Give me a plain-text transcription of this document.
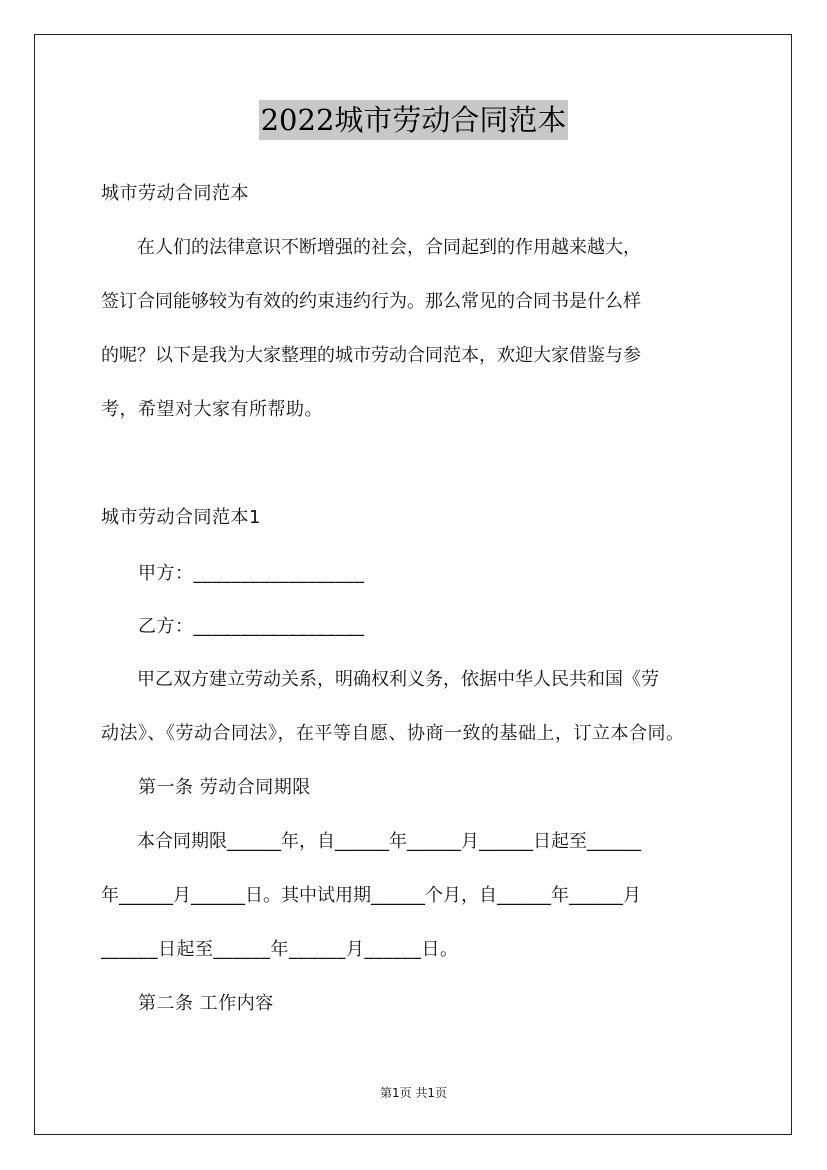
2022城市劳动合同范本
城市劳动合同范本
　　在人们的法律意识不断增强的社会，合同起到的作用越来越大，
签订合同能够较为有效的约束违约行为。那么常见的合同书是什么样
的呢？以下是我为大家整理的城市劳动合同范本，欢迎大家借鉴与参
考，希望对大家有所帮助。
城市劳动合同范本1
　　甲方：__________________
　　乙方：__________________
　　甲乙双方建立劳动关系，明确权利义务，依据中华人民共和国《劳
动法》、《劳动合同法》，在平等自愿、协商一致的基础上，订立本合同。
　　第一条 劳动合同期限
　　本合同期限______年，自______年______月______日起至______
年______月______日。其中试用期______个月，自______年______月
______日起至______年______月______日。
　　第二条 工作内容
第1页 共1页
